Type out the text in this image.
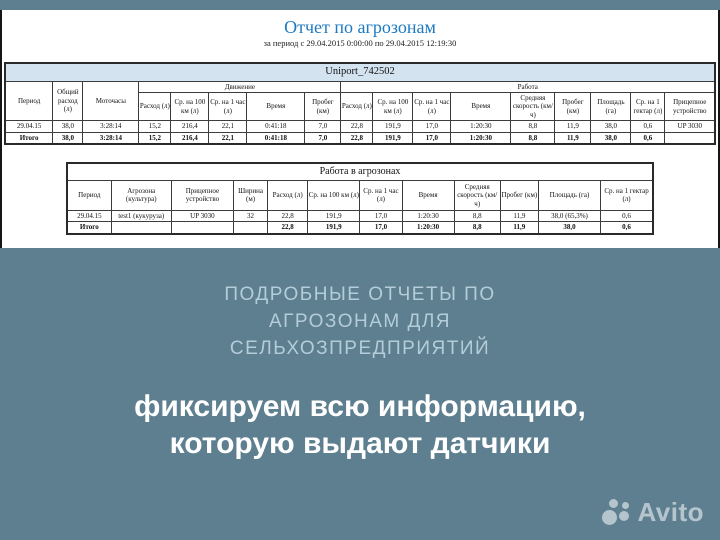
Отчет по агрозонам
за период с 29.04.2015 0:00:00 по 29.04.2015 12:19:30
Uniport_742502																
Период	Общий расход (л)	Моточасы	Движение					Работа								
			Расход (л)	Ср. на 100 км (л)	Ср. на 1 час (л)	Время	Пробег (км)	Расход (л)	Ср. на 100 км (л)	Ср. на 1 час (л)	Время	Средняя скорость (км/ч)	Пробег (км)	Площадь (га)	Ср. на 1 гектар (л)	Прицепное устройство
29.04.15	38,0	3:28:14	15,2	216,4	22,1	0:41:18	7,0	22,8	191,9	17,0	1:20:30	8,8	11,9	38,0	0,6	UP 3030
Итого	38,0	3:28:14	15,2	216,4	22,1	0:41:18	7,0	22,8	191,9	17,0	1:20:30	8,8	11,9	38,0	0,6	
Работа в агрозонах											
Период	Агрозона (культура)	Прицепное устройство	Ширина (м)	Расход (л)	Ср. на 100 км (л)	Ср. на 1 час (л)	Время	Средняя скорость (км/ч)	Пробег (км)	Площадь (га)	Ср. на 1 гектар (л)
29.04.15	test1 (кукуруза)	UP 3030	32	22,8	191,9	17,0	1:20:30	8,8	11,9	38,0 (65,3%)	0,6
Итого				22,8	191,9	17,0	1:20:30	8,8	11,9	38,0	0,6
ПОДРОБНЫЕ ОТЧЕТЫ ПО
АГРОЗОНАМ ДЛЯ
СЕЛЬХОЗПРЕДПРИЯТИЙ
фиксируем всю информацию,
которую выдают датчики
Avito
